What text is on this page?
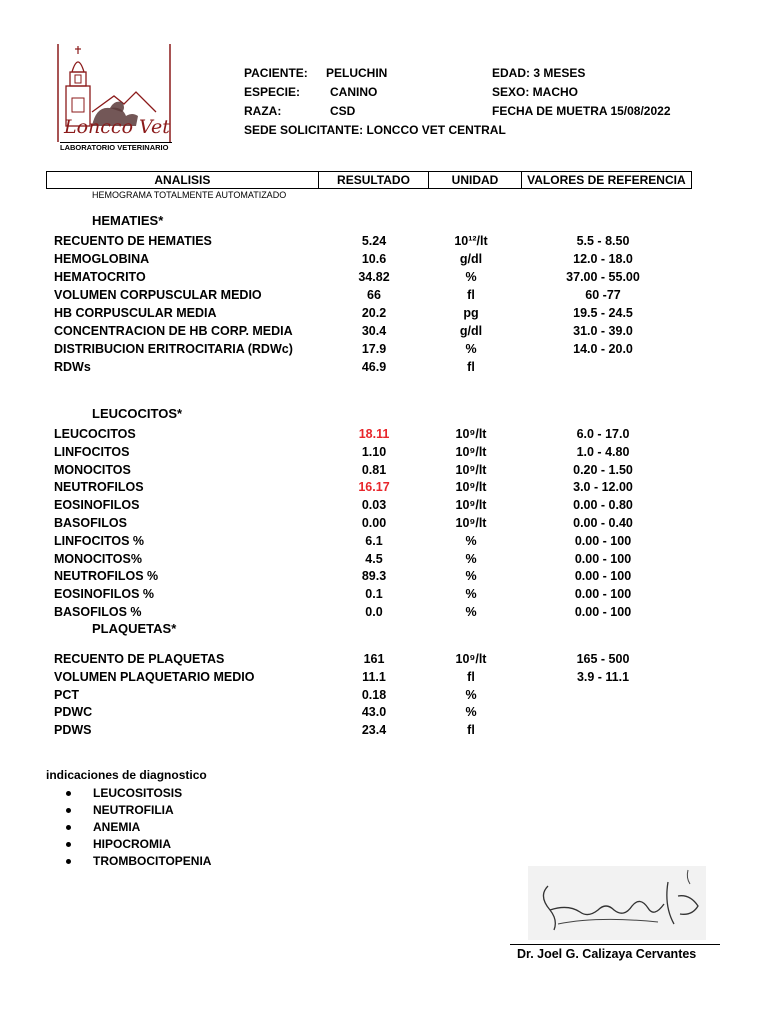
Loncco Vet
LABORATORIO VETERINARIO
PACIENTE: PELUCHIN
ESPECIE: CANINO
RAZA:	CSD
SEDE SOLICITANTE: LONCCO VET CENTRAL
EDAD: 3 MESES
SEXO: MACHO
FECHA DE MUETRA 15/08/2022
ANALISIS	RESULTADO	UNIDAD	VALORES DE REFERENCIA
HEMOGRAMA TOTALMENTE AUTOMATIZADO
HEMATIES*
LEUCOCITOS*
PLAQUETAS*
RECUENTO DE HEMATIES	5.24	10¹²/lt	5.5 - 8.50
HEMOGLOBINA	10.6	g/dl	12.0 - 18.0
HEMATOCRITO	34.82	%	37.00 - 55.00
VOLUMEN CORPUSCULAR MEDIO	66	fl	60 -77
HB CORPUSCULAR MEDIA	20.2	pg	19.5 - 24.5
CONCENTRACION DE HB CORP. MEDIA	30.4	g/dl	31.0 - 39.0
DISTRIBUCION ERITROCITARIA (RDWc)	17.9	%	14.0 - 20.0
RDWs	46.9	fl
LEUCOCITOS	18.11	10⁹/lt	6.0 - 17.0
LINFOCITOS	1.10	10⁹/lt	1.0 - 4.80
MONOCITOS	0.81	10⁹/lt	0.20 - 1.50
NEUTROFILOS	16.17	10⁹/lt	3.0 - 12.00
EOSINOFILOS	0.03	10⁹/lt	0.00 - 0.80
BASOFILOS	0.00	10⁹/lt	0.00 - 0.40
LINFOCITOS %	6.1	%	0.00 - 100
MONOCITOS%	4.5	%	0.00 - 100
NEUTROFILOS %	89.3	%	0.00 - 100
EOSINOFILOS %	0.1	%	0.00 - 100
BASOFILOS %	0.0	%	0.00 - 100
RECUENTO DE PLAQUETAS	161	10⁹/lt	165 - 500
VOLUMEN PLAQUETARIO MEDIO	11.1	fl	3.9 - 11.1
PCT	0.18	%
PDWC	43.0	%
PDWS	23.4	fl
indicaciones de diagnostico
LEUCOSITOSIS
NEUTROFILIA
ANEMIA
HIPOCROMIA
TROMBOCITOPENIA
Dr. Joel G. Calizaya Cervantes
